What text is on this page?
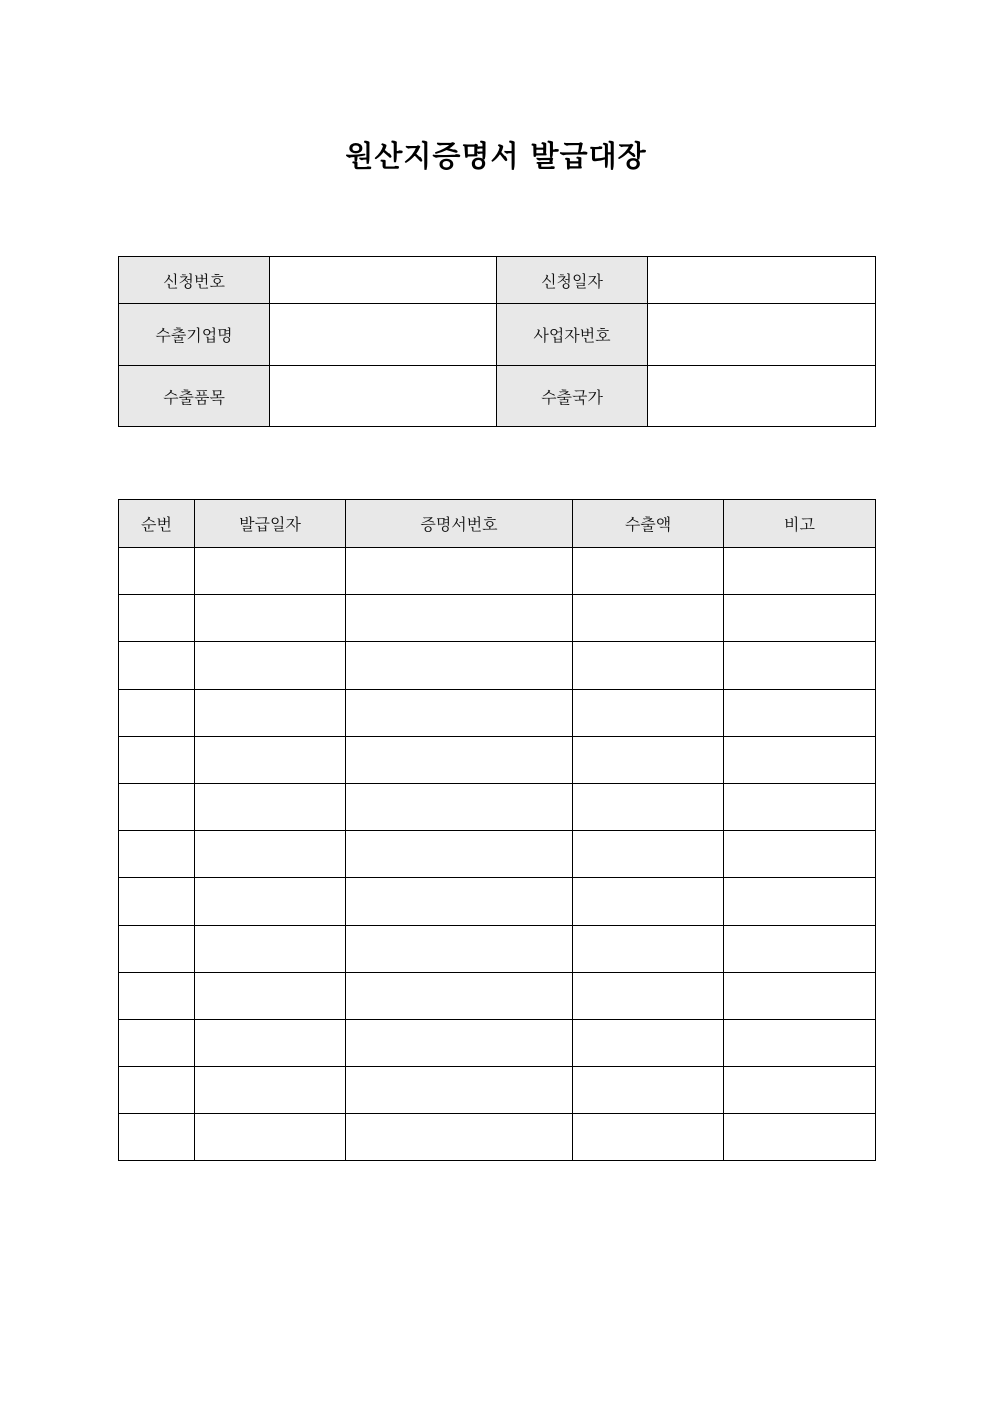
원산지증명서 발급대장
신청번호		신청일자	
수출기업명		사업자번호	
수출품목		수출국가	
순번	발급일자	증명서번호	수출액	비고
